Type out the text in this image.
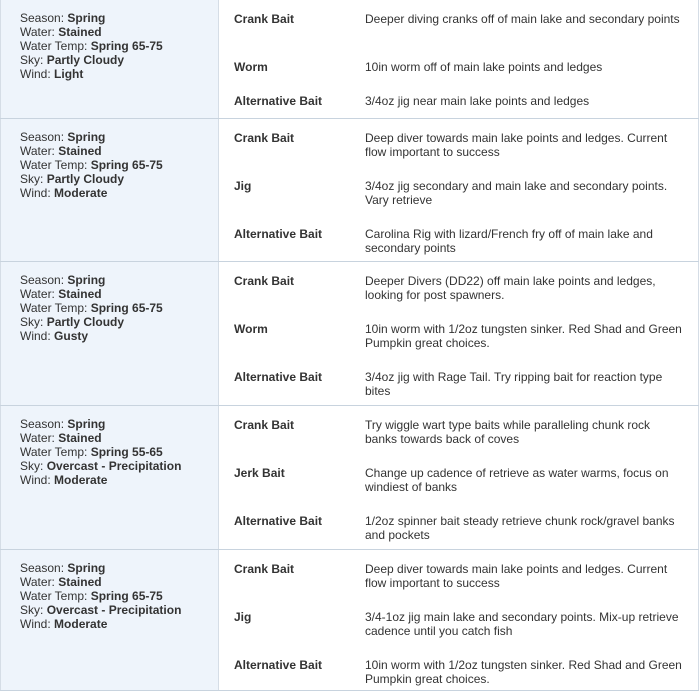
Season: Spring
Water: Stained
Water Temp: Spring 65-75
Sky: Partly Cloudy
Wind: Light
Crank Bait	Deeper diving cranks off of main lake and secondary points
Worm	10in worm off of main lake points and ledges
Alternative Bait	3/4oz jig near main lake points and ledges
Season: Spring
Water: Stained
Water Temp: Spring 65-75
Sky: Partly Cloudy
Wind: Moderate
Crank Bait	Deep diver towards main lake points and ledges. Current flow important to success
Jig	3/4oz jig secondary and main lake and secondary points. Vary retrieve
Alternative Bait	Carolina Rig with lizard/French fry off of main lake and secondary points
Season: Spring
Water: Stained
Water Temp: Spring 65-75
Sky: Partly Cloudy
Wind: Gusty
Crank Bait	Deeper Divers (DD22) off main lake points and ledges, looking for post spawners.
Worm	10in worm with 1/2oz tungsten sinker. Red Shad and Green Pumpkin great choices.
Alternative Bait	3/4oz jig with Rage Tail. Try ripping bait for reaction type bites
Season: Spring
Water: Stained
Water Temp: Spring 55-65
Sky: Overcast - Precipitation
Wind: Moderate
Crank Bait	Try wiggle wart type baits while paralleling chunk rock banks towards back of coves
Jerk Bait	Change up cadence of retrieve as water warms, focus on windiest of banks
Alternative Bait	1/2oz spinner bait steady retrieve chunk rock/gravel banks and pockets
Season: Spring
Water: Stained
Water Temp: Spring 65-75
Sky: Overcast - Precipitation
Wind: Moderate
Crank Bait	Deep diver towards main lake points and ledges. Current flow important to success
Jig	3/4-1oz jig main lake and secondary points. Mix-up retrieve cadence until you catch fish
Alternative Bait	10in worm with 1/2oz tungsten sinker. Red Shad and Green Pumpkin great choices.
